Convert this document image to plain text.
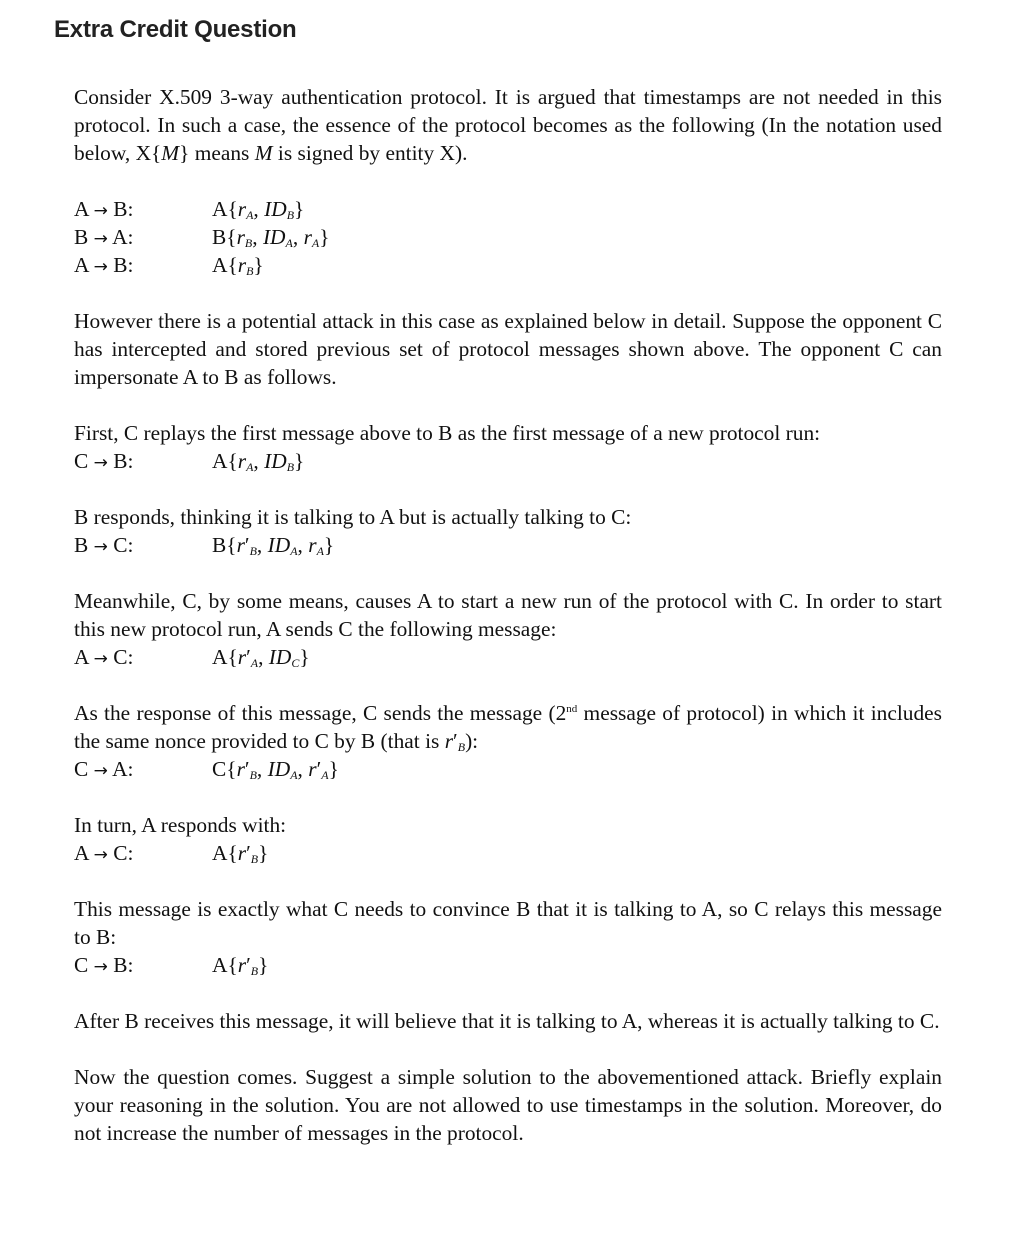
Extra Credit Question

Consider X.509 3-way authentication protocol. It is argued that timestamps are not needed in this protocol. In such a case, the essence of the protocol becomes as the following (In the notation used below, X{M} means M is signed by entity X).

A → B:	$A\{r_A$, $ID_B$}
B → A:	$B\{r_B$, $ID_A$, $r_A$}
A → B:	$A\{r_B\}$

However there is a potential attack in this case as explained below in detail. Suppose the opponent C has intercepted and stored previous set of protocol messages shown above. The opponent C can impersonate A to B as follows.

First, C replays the first message above to B as the first message of a new protocol run:

C → B:	$A\{r_A$, $ID_B$}

B responds, thinking it is talking to A but is actually talking to C:

B → C:	$B\{r'_B$, $ID_A$, $r_A$}

Meanwhile, C, by some means, causes A to start a new run of the protocol with C. In order to start this new protocol run, A sends C the following message:

A → C:	$A\{r'_A$, $ID_C$}

As the response of this message, C sends the message (2nd message of protocol) in which it includes the same nonce provided to C by B (that is $r'_B$):

C → A:	$C\{r'_B$, $ID_A$, $r'_A$}

In turn, A responds with:

A → C:	$A\{r'_B\}$

This message is exactly what C needs to convince B that it is talking to A, so C relays this message to B:

C → B:	$A\{r'_B\}$

After B receives this message, it will believe that it is talking to A, whereas it is actually talking to C.

Now the question comes. Suggest a simple solution to the abovementioned attack. Briefly explain your reasoning in the solution. You are not allowed to use timestamps in the solution. Moreover, do not increase the number of messages in the protocol.
